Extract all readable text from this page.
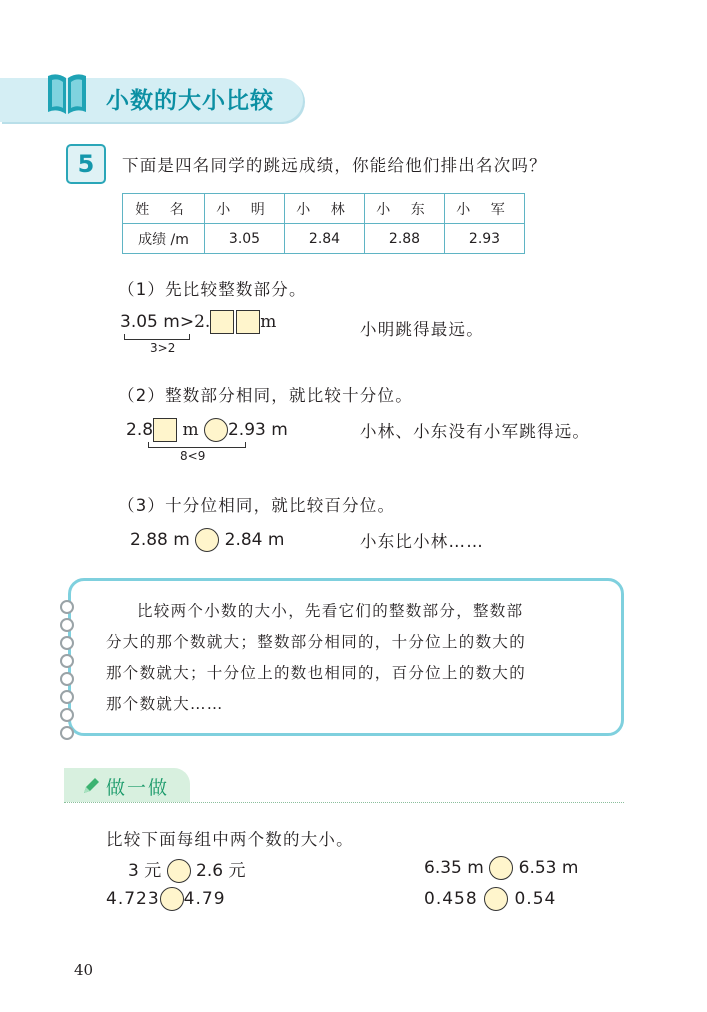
小数的大小比较
5	下面是四名同学的跳远成绩，你能给他们排出名次吗？
姓 名	小 明	小 林	小 东	小 军
成绩 /m	3.05	2.84	2.88	2.93
（1）先比较整数部分。
3.05 m>2.	m
3>2
小明跳得最远。
（2）整数部分相同，就比较十分位。
2.8 m 2.93 m
8<9
小林、小东没有小军跳得远。
（3）十分位相同，就比较百分位。
2.88 m 2.84 m	小东比小林……
比较两个小数的大小，先看它们的整数部分，整数部
分大的那个数就大；整数部分相同的，十分位上的数大的
那个数就大；十分位上的数也相同的，百分位上的数大的
那个数就大……
做一做
比较下面每组中两个数的大小。
3 元 2.6 元	6.35 m 6.53 m
4.723 4.79	0.458 0.54
40
